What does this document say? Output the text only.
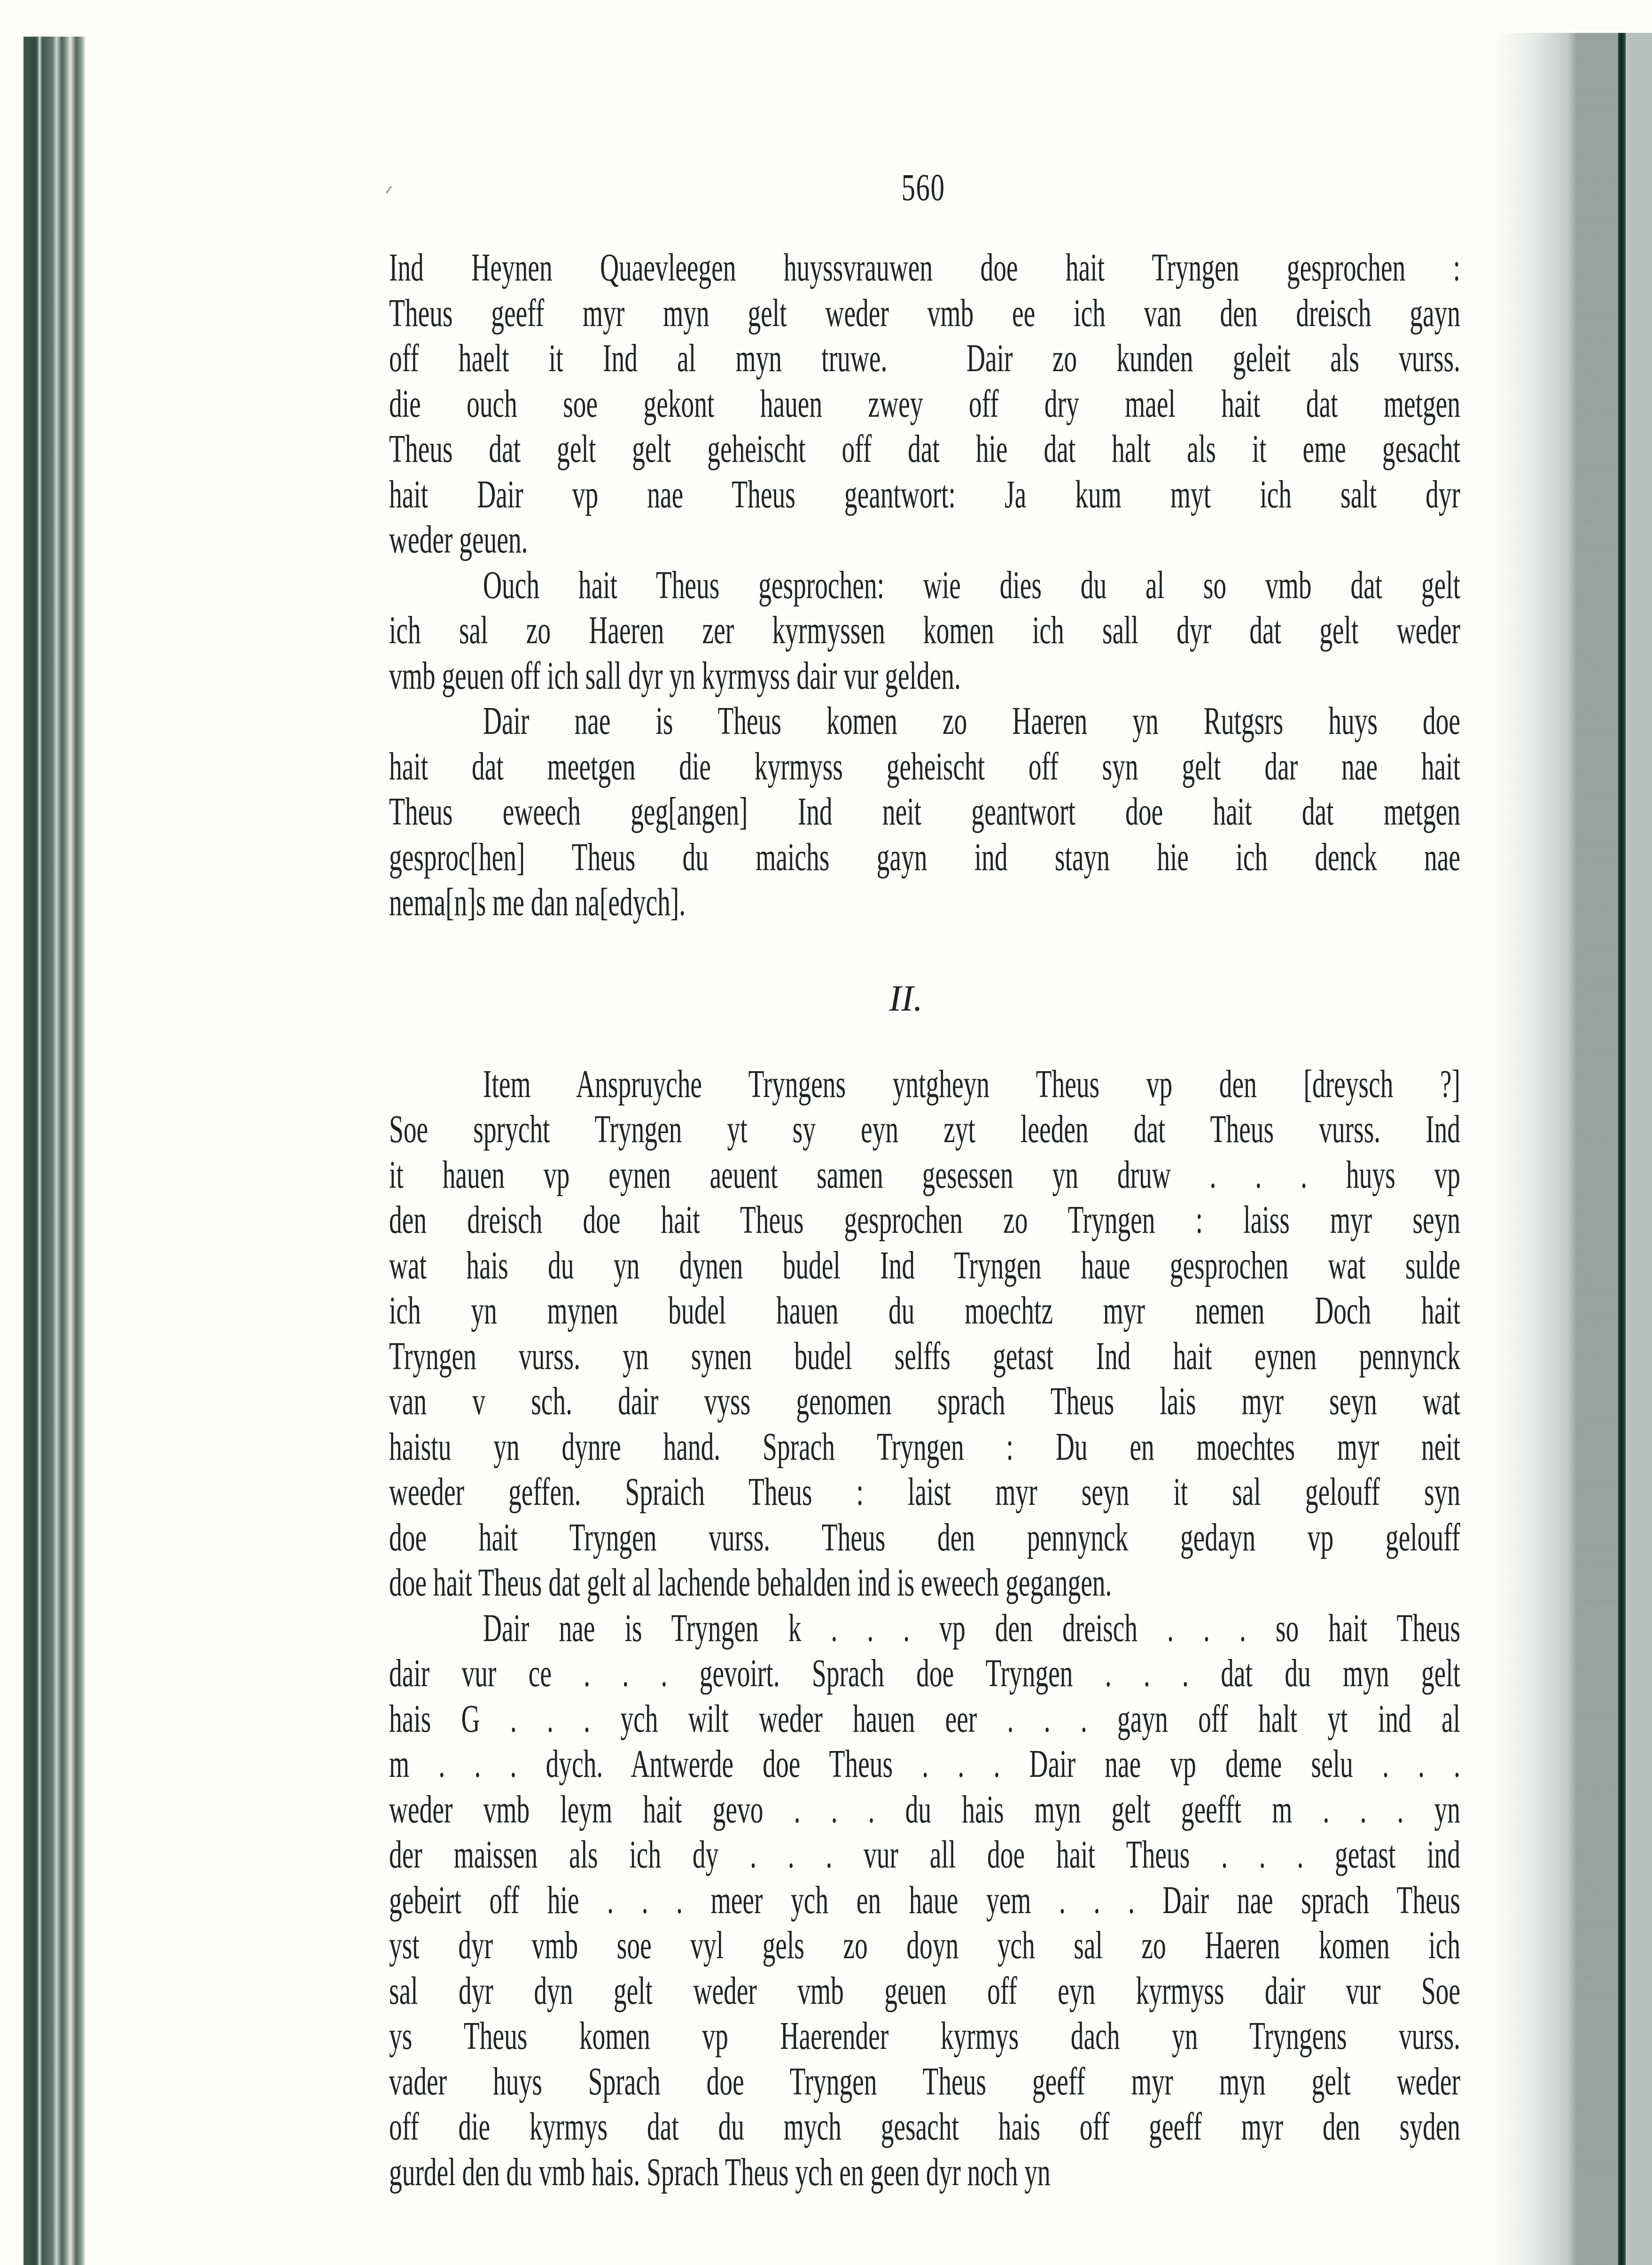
560
Ind Heynen Quaevleegen huyssvrauwen doe hait Tryngen gesprochen :
Theus geeff myr myn gelt weder vmb ee ich van den dreisch gayn
off haelt it Ind al myn truwe.  Dair zo kunden geleit als vurss.
die ouch soe gekont hauen zwey off dry mael hait dat metgen
Theus dat gelt gelt geheischt off dat hie dat halt als it eme gesacht
hait Dair vp nae Theus geantwort: Ja kum myt ich salt dyr
weder geuen.
Ouch hait Theus gesprochen: wie dies du al so vmb dat gelt
ich sal zo Haeren zer kyrmyssen komen ich sall dyr dat gelt weder
vmb geuen off ich sall dyr yn kyrmyss dair vur gelden.
Dair nae is Theus komen zo Haeren yn Rutgsrs huys doe
hait dat meetgen die kyrmyss geheischt off syn gelt dar nae hait
Theus eweech geg[angen] Ind neit geantwort doe hait dat metgen
gesproc[hen] Theus du maichs gayn ind stayn hie ich denck nae
nema[n]s me dan na[edych].
II.
Item Anspruyche Tryngens yntgheyn Theus vp den [dreysch ?]
Soe sprycht Tryngen yt sy eyn zyt leeden dat Theus vurss. Ind
it hauen vp eynen aeuent samen gesessen yn druw . . . huys vp
den dreisch doe hait Theus gesprochen zo Tryngen : laiss myr seyn
wat hais du yn dynen budel Ind Tryngen haue gesprochen wat sulde
ich yn mynen budel hauen du moechtz myr nemen Doch hait
Tryngen vurss. yn synen budel selffs getast Ind hait eynen pennynck
van v sch. dair vyss genomen sprach Theus lais myr seyn wat
haistu yn dynre hand. Sprach Tryngen : Du en moechtes myr neit
weeder geffen. Spraich Theus : laist myr seyn it sal gelouff syn
doe hait Tryngen vurss. Theus den pennynck gedayn vp gelouff
doe hait Theus dat gelt al lachende behalden ind is eweech gegangen.
Dair nae is Tryngen k . . . vp den dreisch . . . so hait Theus
dair vur ce . . . gevoirt. Sprach doe Tryngen . . . dat du myn gelt
hais G . . . ych wilt weder hauen eer . . . gayn off halt yt ind al
m . . . dych. Antwerde doe Theus . . . Dair nae vp deme selu . . .
weder vmb leym hait gevo . . . du hais myn gelt geefft m . . . yn
der maissen als ich dy . . . vur all doe hait Theus . . . getast ind
gebeirt off hie . . . meer ych en haue yem . . . Dair nae sprach Theus
yst dyr vmb soe vyl gels zo doyn ych sal zo Haeren komen ich
sal dyr dyn gelt weder vmb geuen off eyn kyrmyss dair vur Soe
ys Theus komen vp Haerender kyrmys dach yn Tryngens vurss.
vader huys Sprach doe Tryngen Theus geeff myr myn gelt weder
off die kyrmys dat du mych gesacht hais off geeff myr den syden
gurdel den du vmb hais. Sprach Theus ych en geen dyr noch yn
